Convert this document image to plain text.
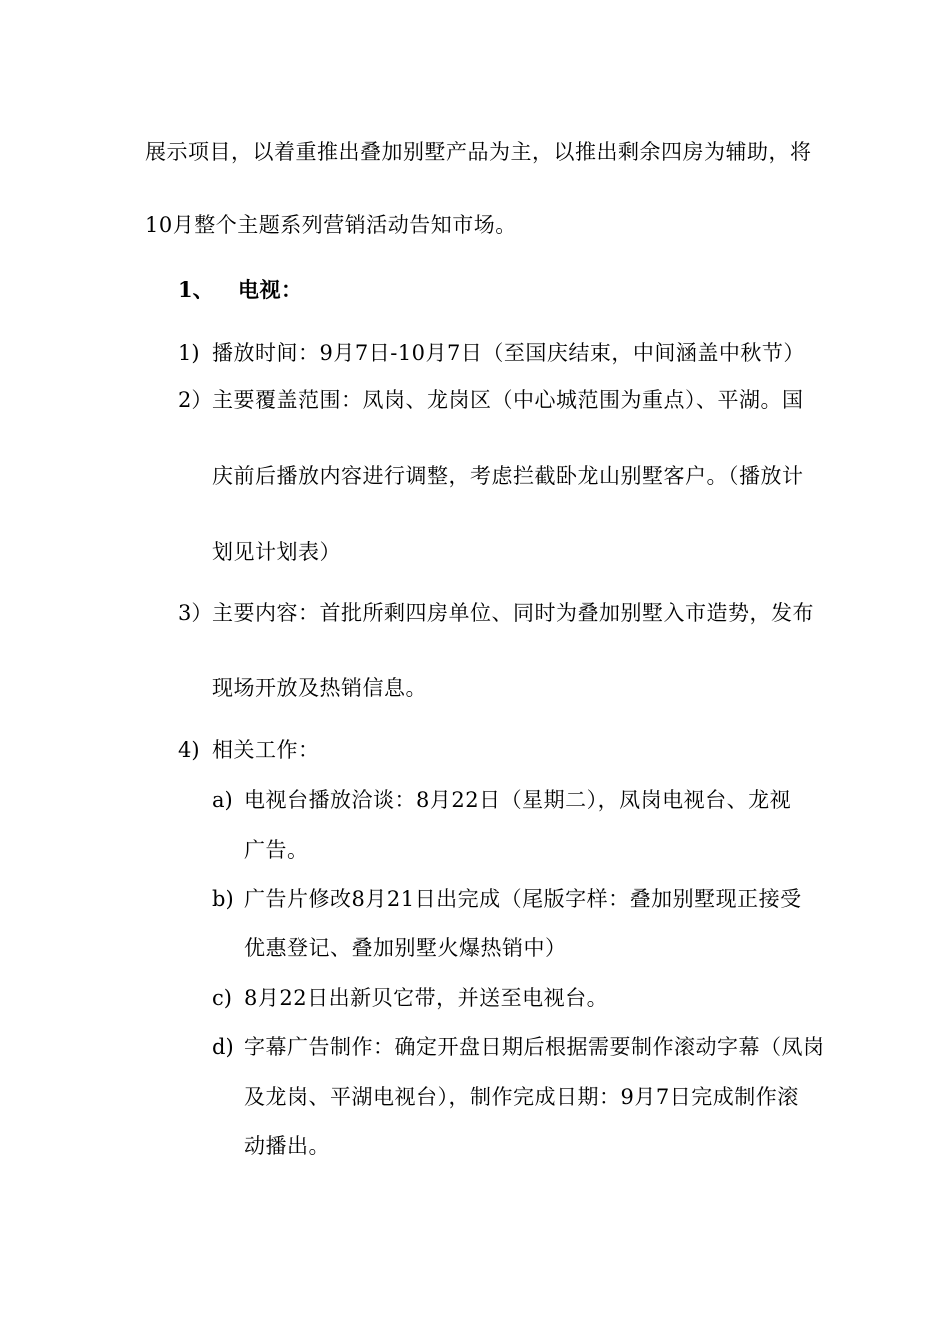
展示项目，以着重推出叠加别墅产品为主，以推出剩余四房为辅助，将
10月整个主题系列营销活动告知市场。
1、 电视：
1) 播放时间：9月7日-10月7日（至国庆结束，中间涵盖中秋节）
2） 主要覆盖范围：凤岗、龙岗区（中心城范围为重点）、平湖。国
庆前后播放内容进行调整，考虑拦截卧龙山别墅客户。（播放计
划见计划表）
3） 主要内容：首批所剩四房单位、同时为叠加别墅入市造势，发布
现场开放及热销信息。
4) 相关工作：
a) 电视台播放洽谈：8月22日（星期二），凤岗电视台、龙视
广告。
b) 广告片修改8月21日出完成（尾版字样：叠加别墅现正接受
优惠登记、叠加别墅火爆热销中）
c) 8月22日出新贝它带，并送至电视台。
d) 字幕广告制作：确定开盘日期后根据需要制作滚动字幕（凤岗
及龙岗、平湖电视台），制作完成日期：9月7日完成制作滚
动播出。
